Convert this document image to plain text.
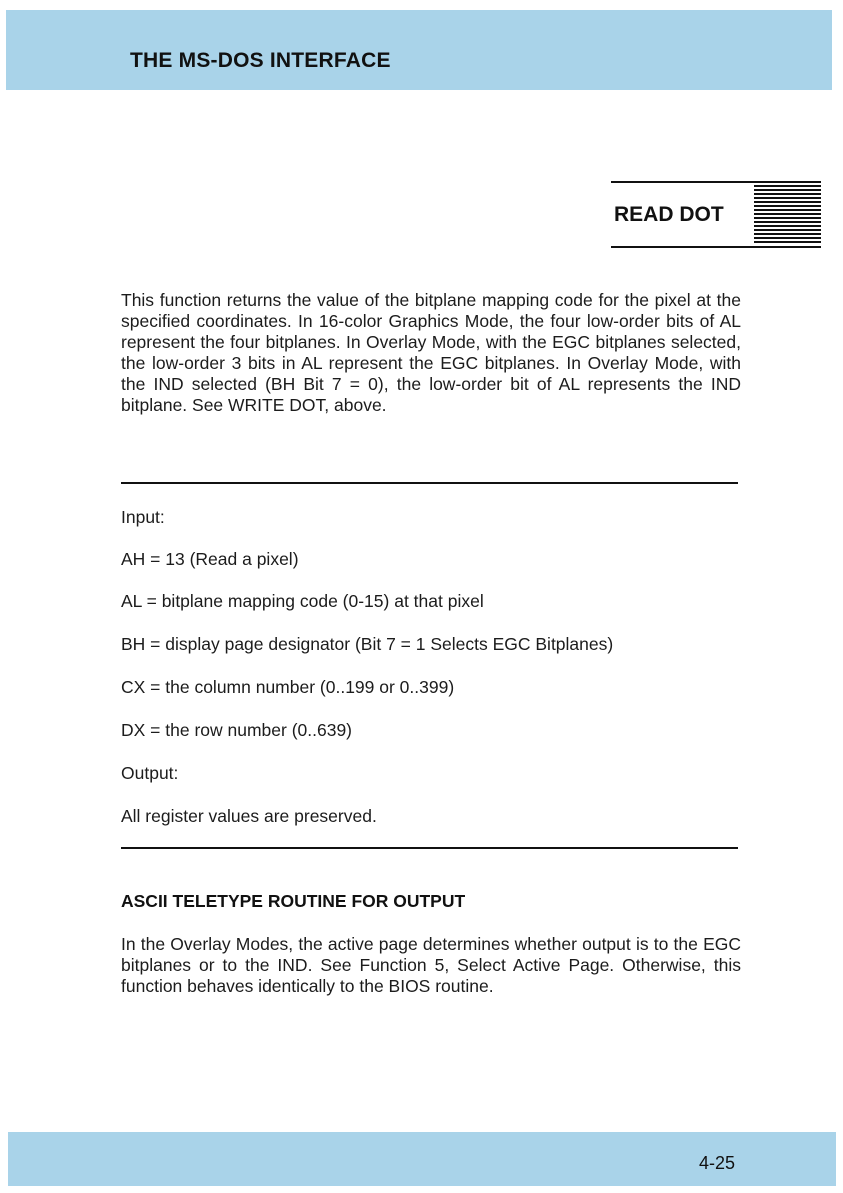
THE MS-DOS INTERFACE
READ DOT
This function returns the value of the bitplane mapping code for the pixel at the specified coordinates. In 16-color Graphics Mode, the four low-order bits of AL represent the four bitplanes. In Overlay Mode, with the EGC bitplanes selected, the low-order 3 bits in AL represent the EGC bitplanes. In Overlay Mode, with the IND selected (BH Bit 7 = 0), the low-order bit of AL represents the IND bitplane. See WRITE DOT, above.
Input:
AH = 13 (Read a pixel)
AL = bitplane mapping code (0-15) at that pixel
BH = display page designator (Bit 7 = 1 Selects EGC Bitplanes)
CX = the column number (0..199 or 0..399)
DX = the row number (0..639)
Output:
All register values are preserved.
ASCII TELETYPE ROUTINE FOR OUTPUT
In the Overlay Modes, the active page determines whether output is to the EGC bitplanes or to the IND. See Function 5, Select Active Page. Otherwise, this function behaves identically to the BIOS routine.
4-25
